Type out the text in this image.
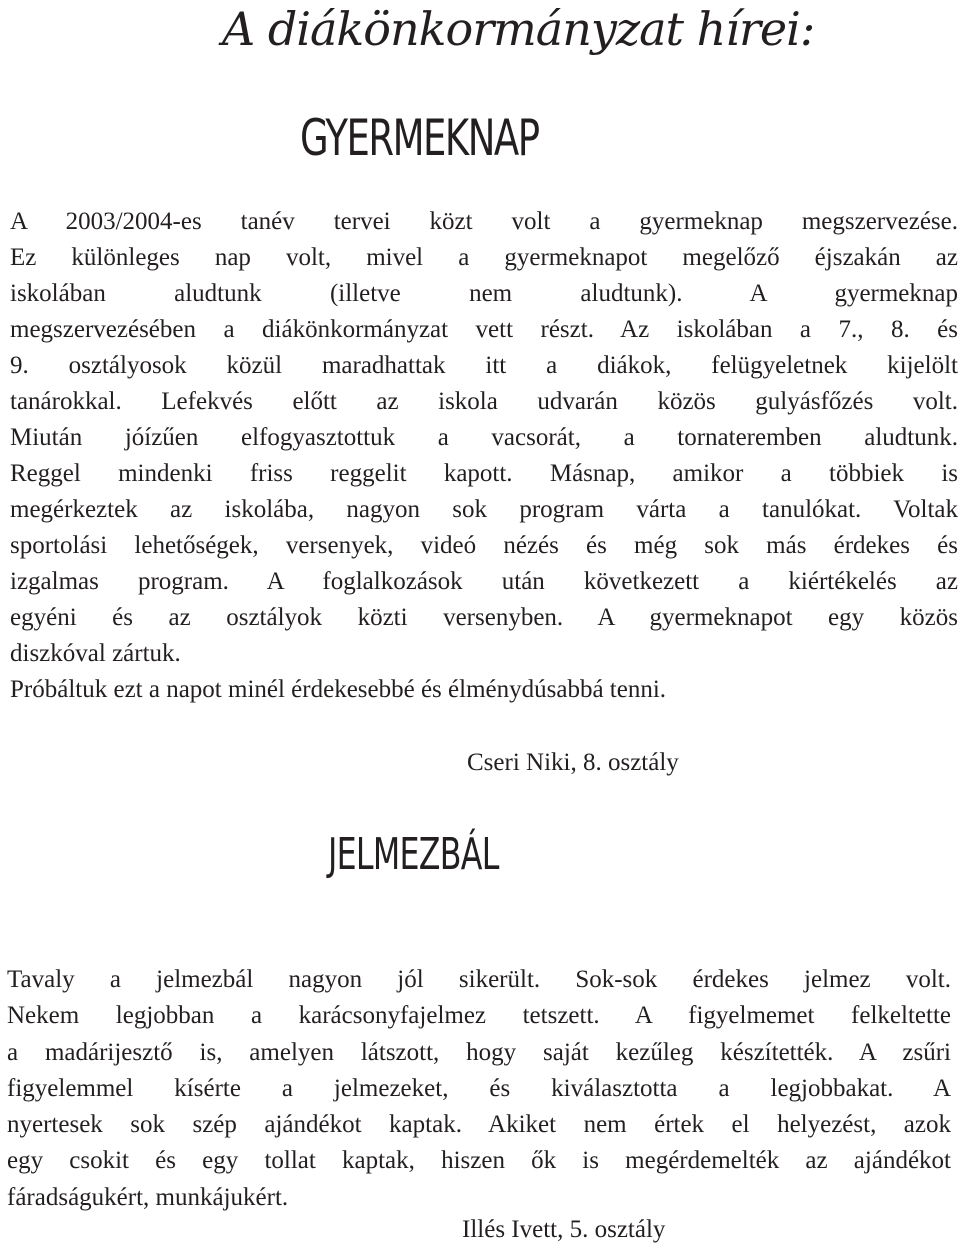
A diákönkormányzat hírei:
GYERMEKNAP
A 2003/2004-es tanév tervei közt volt a gyermeknap megszervezése.
Ez különleges nap volt, mivel a gyermeknapot megelőző éjszakán az
iskolában aludtunk (illetve nem aludtunk). A gyermeknap
megszervezésében a diákönkormányzat vett részt. Az iskolában a 7., 8. és
9. osztályosok közül maradhattak itt a diákok, felügyeletnek kijelölt
tanárokkal. Lefekvés előtt az iskola udvarán közös gulyásfőzés volt.
Miután jóízűen elfogyasztottuk a vacsorát, a tornateremben aludtunk.
Reggel mindenki friss reggelit kapott. Másnap, amikor a többiek is
megérkeztek az iskolába, nagyon sok program várta a tanulókat. Voltak
sportolási lehetőségek, versenyek, videó nézés és még sok más érdekes és
izgalmas program. A foglalkozások után következett a kiértékelés az
egyéni és az osztályok közti versenyben. A gyermeknapot egy közös
diszkóval zártuk.
Próbáltuk ezt a napot minél érdekesebbé és élménydúsabbá tenni.

Cseri Niki, 8. osztály

JELMEZBÁL
Tavaly a jelmezbál nagyon jól sikerült. Sok-sok érdekes jelmez volt.
Nekem legjobban a karácsonyfajelmez tetszett. A figyelmemet felkeltette
a madárijesztő is, amelyen látszott, hogy saját kezűleg készítették. A zsűri
figyelemmel kísérte a jelmezeket, és kiválasztotta a legjobbakat. A
nyertesek sok szép ajándékot kaptak. Akiket nem értek el helyezést, azok
egy csokit és egy tollat kaptak, hiszen ők is megérdemelték az ajándékot
fáradságukért, munkájukért.

Illés Ivett, 5. osztály
